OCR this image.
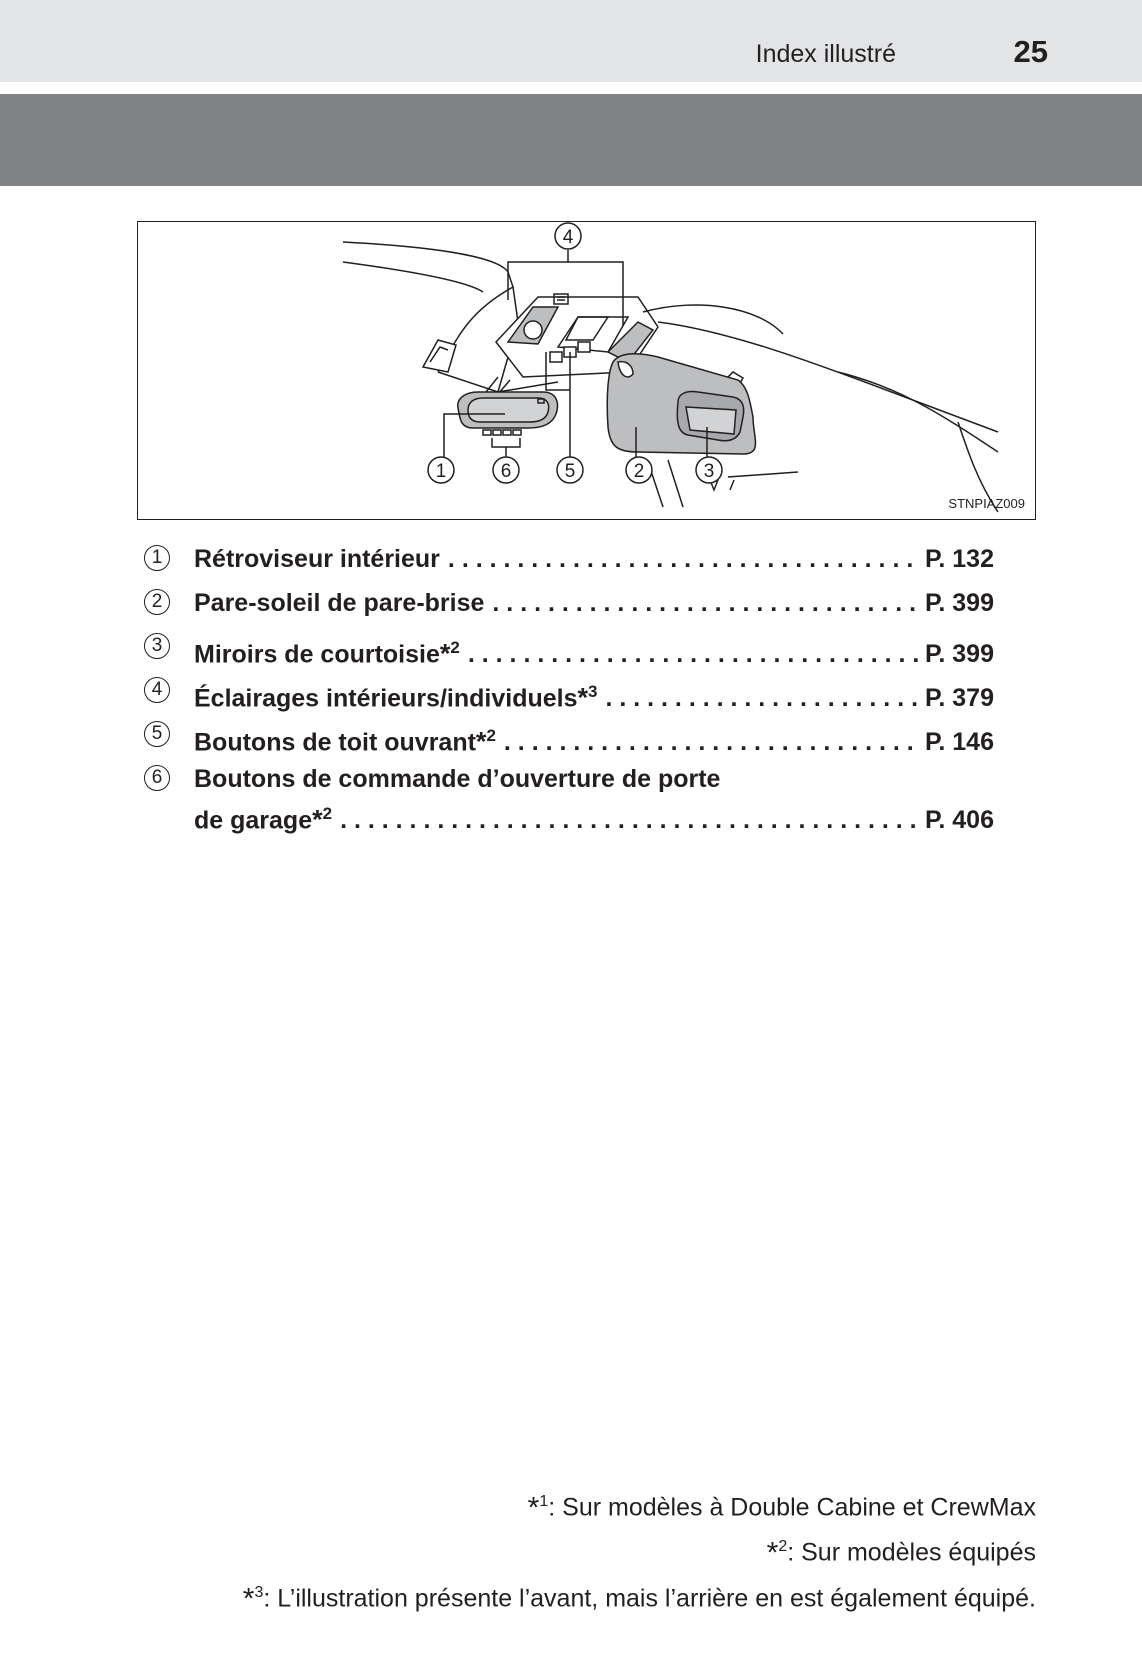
Index illustré	25
4
1	6	5	2	3
STNPIAZ009
1	Rétroviseur intérieur . . .	P. 132
2	Pare-soleil de pare-brise . . .	P. 399
3	Miroirs de courtoisie*$^2$ . . .	P. 399
4	Éclairages intérieurs/individuels*$^3$ . . .	P. 379
5	Boutons de toit ouvrant*$^2$ . . .	P. 146
6	Boutons de commande d’ouverture de porte
de garage*$^2$ . . .	P. 406
*$^1$: Sur modèles à Double Cabine et CrewMax
*$^2$: Sur modèles équipés
*$^3$: L’illustration présente l’avant, mais l’arrière en est également équipé.
